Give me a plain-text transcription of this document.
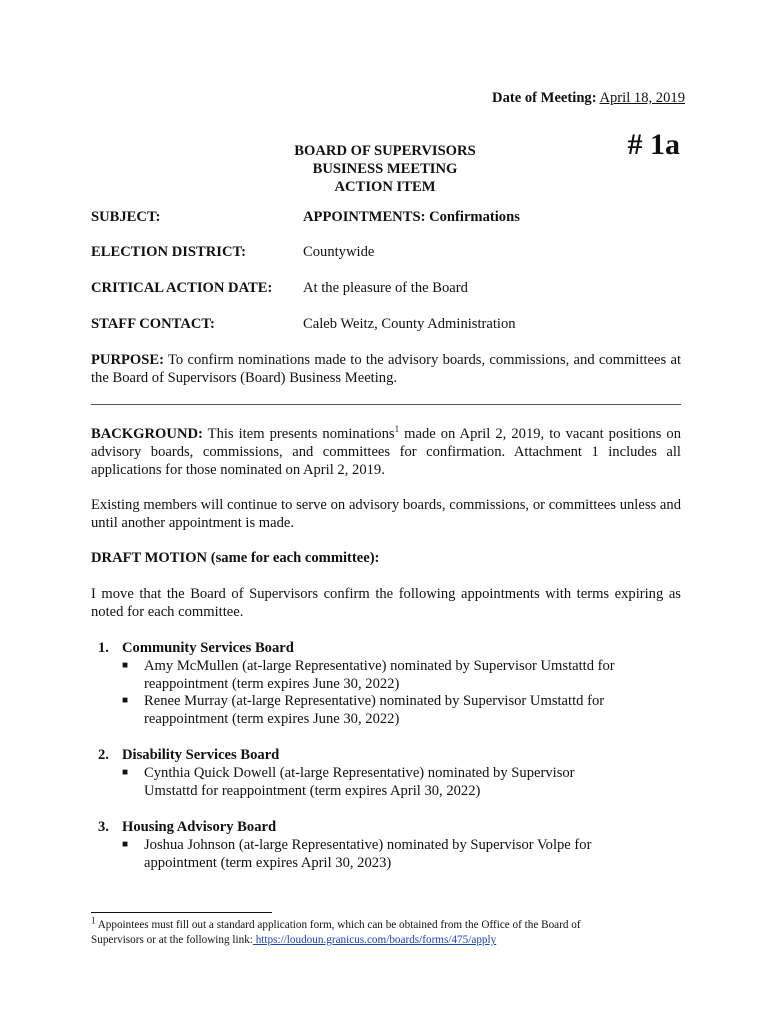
Date of Meeting: April 18, 2019
BOARD OF SUPERVISORS
BUSINESS MEETING
ACTION ITEM
# 1a
SUBJECT:	APPOINTMENTS: Confirmations
ELECTION DISTRICT:	Countywide
CRITICAL ACTION DATE: At the pleasure of the Board
STAFF CONTACT:	Caleb Weitz, County Administration
PURPOSE: To confirm nominations made to the advisory boards, commissions, and committees at the Board of Supervisors (Board) Business Meeting.
BACKGROUND: This item presents nominations$^1$ made on April 2, 2019, to vacant positions on advisory boards, commissions, and committees for confirmation. Attachment 1 includes all applications for those nominated on April 2, 2019.
Existing members will continue to serve on advisory boards, commissions, or committees unless and until another appointment is made.
DRAFT MOTION (same for each committee):
I move that the Board of Supervisors confirm the following appointments with terms expiring as noted for each committee.
1. Community Services Board
■ Amy McMullen (at-large Representative) nominated by Supervisor Umstattd for
reappointment (term expires June 30, 2022)
■ Renee Murray (at-large Representative) nominated by Supervisor Umstattd for
reappointment (term expires June 30, 2022)
2. Disability Services Board
■ Cynthia Quick Dowell (at-large Representative) nominated by Supervisor
Umstattd for reappointment (term expires April 30, 2022)
3. Housing Advisory Board
■ Joshua Johnson (at-large Representative) nominated by Supervisor Volpe for
appointment (term expires April 30, 2023)
$^1$ Appointees must fill out a standard application form, which can be obtained from the Office of the Board of
Supervisors or at the following link: https://loudoun.granicus.com/boards/forms/475/apply
